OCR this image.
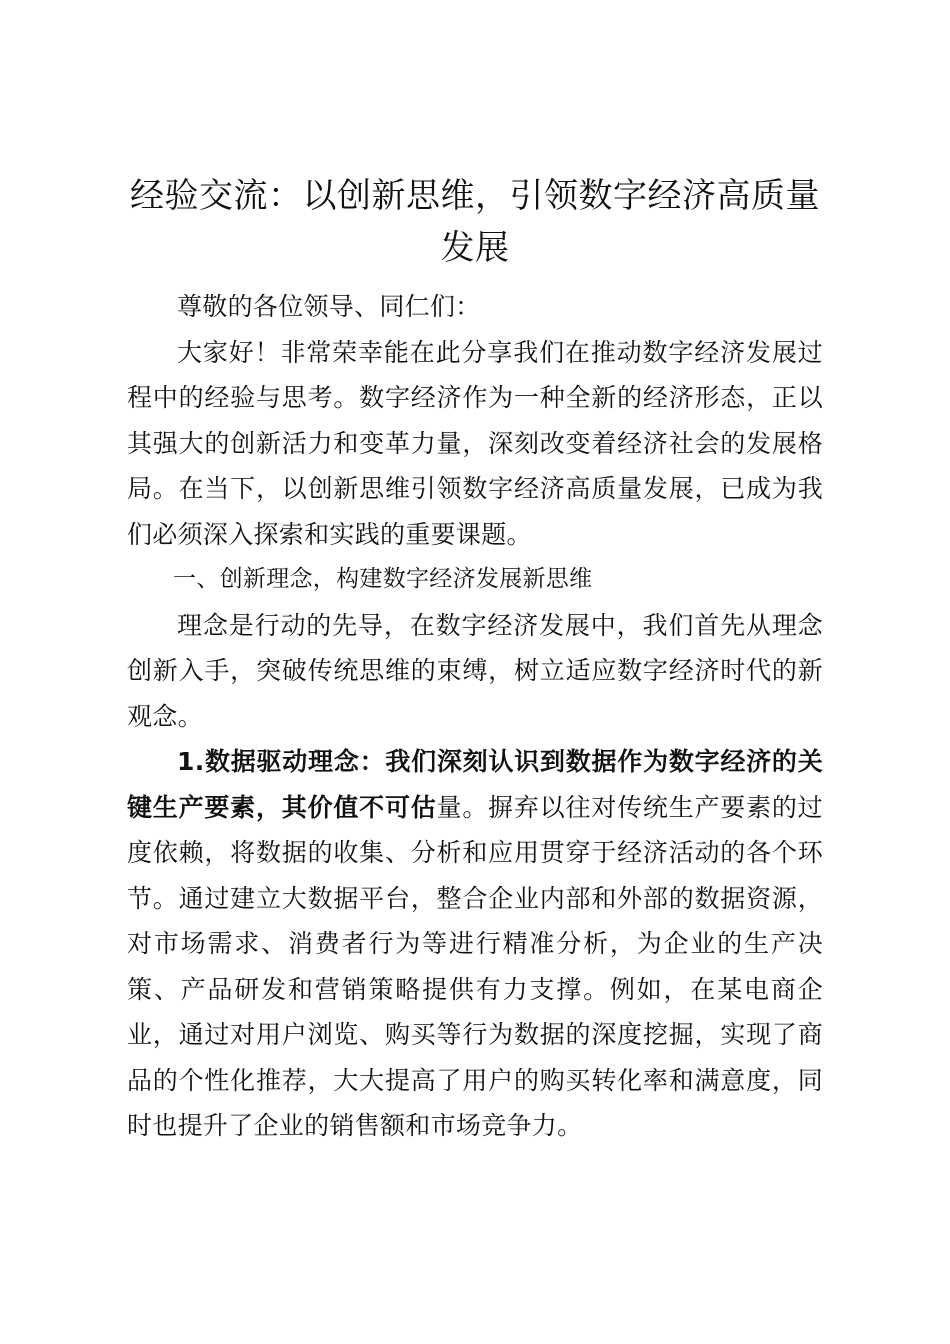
经验交流：以创新思维，引领数字经济高质量发展

尊敬的各位领导、同仁们：

大家好！非常荣幸能在此分享我们在推动数字经济发展过程中的经验与思考。数字经济作为一种全新的经济形态，正以其强大的创新活力和变革力量，深刻改变着经济社会的发展格局。在当下，以创新思维引领数字经济高质量发展，已成为我们必须深入探索和实践的重要课题。

一、创新理念，构建数字经济发展新思维

理念是行动的先导，在数字经济发展中，我们首先从理念创新入手，突破传统思维的束缚，树立适应数字经济时代的新观念。

1.数据驱动理念：我们深刻认识到数据作为数字经济的关键生产要素，其价值不可估量。摒弃以往对传统生产要素的过度依赖，将数据的收集、分析和应用贯穿于经济活动的各个环节。通过建立大数据平台，整合企业内部和外部的数据资源，对市场需求、消费者行为等进行精准分析，为企业的生产决策、产品研发和营销策略提供有力支撑。例如，在某电商企业，通过对用户浏览、购买等行为数据的深度挖掘，实现了商品的个性化推荐，大大提高了用户的购买转化率和满意度，同时也提升了企业的销售额和市场竞争力。
